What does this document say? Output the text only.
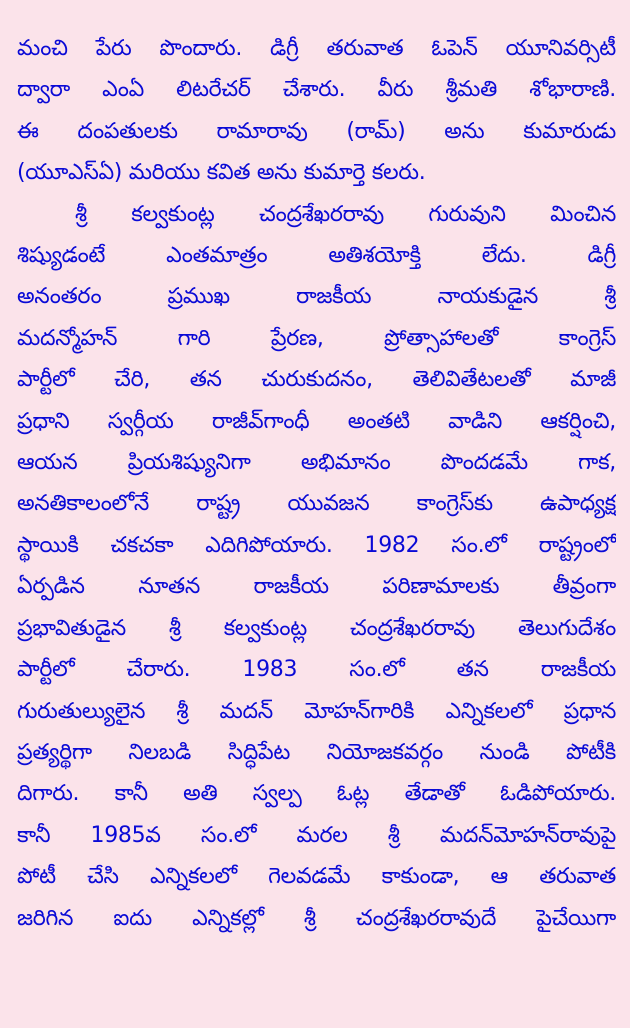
మంచి పేరు పొందారు. డిగ్రీ తరువాత ఓపెన్ యూనివర్సిటీ
ద్వారా ఎంఏ లిటరేచర్ చేశారు. వీరు శ్రీమతి శోభారాణి.
ఈ దంపతులకు రామారావు (రామ్) అను కుమారుడు
(యూఎస్ఏ) మరియు కవిత అను కుమార్తె కలరు.
శ్రీ కల్వకుంట్ల చంద్రశేఖరరావు గురువుని మించిన
శిష్యుడంటే ఎంతమాత్రం అతిశయోక్తి లేదు. డిగ్రీ
అనంతరం ప్రముఖ రాజకీయ నాయకుడైన శ్రీ
మదన్మోహన్ గారి ప్రేరణ, ప్రోత్సాహాలతో కాంగ్రెస్
పార్టీలో చేరి, తన చురుకుదనం, తెలివితేటలతో మాజీ
ప్రధాని స్వర్గీయ రాజీవ్‌గాంధీ అంతటి వాడిని ఆకర్షించి,
ఆయన ప్రియశిష్యునిగా అభిమానం పొందడమే గాక,
అనతికాలంలోనే రాష్ట్ర యువజన కాంగ్రెస్‌కు ఉపాధ్యక్ష
స్థాయికి చకచకా ఎదిగిపోయారు. 1982 సం.లో రాష్ట్రంలో
ఏర్పడిన నూతన రాజకీయ పరిణామాలకు తీవ్రంగా
ప్రభావితుడైన శ్రీ కల్వకుంట్ల చంద్రశేఖరరావు తెలుగుదేశం
పార్టీలో చేరారు. 1983 సం.లో తన రాజకీయ
గురుతుల్యులైన శ్రీ మదన్ మోహన్‌గారికి ఎన్నికలలో ప్రధాన
ప్రత్యర్థిగా నిలబడి సిద్ధిపేట నియోజకవర్గం నుండి పోటీకి
దిగారు. కానీ అతి స్వల్ప ఓట్ల తేడాతో ఓడిపోయారు.
కానీ 1985వ సం.లో మరల శ్రీ మదన్‌మోహన్‌రావుపై
పోటీ చేసి ఎన్నికలలో గెలవడమే కాకుండా, ఆ తరువాత
జరిగిన ఐదు ఎన్నికల్లో శ్రీ చంద్రశేఖరరావుదే పైచేయిగా
